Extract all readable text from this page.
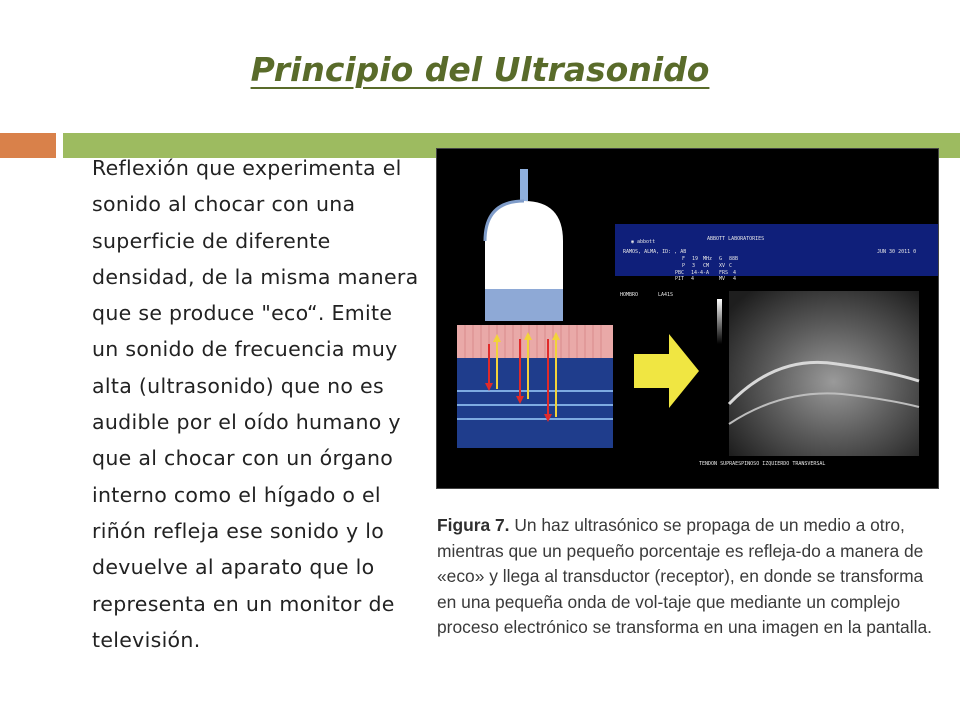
Principio del Ultrasonido
Reflexión que experimenta el sonido al chocar con una superficie de diferente densidad, de la misma manera que se produce "eco“. Emite un sonido de frecuencia muy alta (ultrasonido) que no es audible por el oído humano y que al chocar con un órgano interno como el hígado o el riñón refleja ese sonido y lo devuelve al aparato que lo representa en un monitor de televisión.
◉ abbott	ABBOTT LABORATORIES
RAMOS, ALMA, ID: , AB	JUN 30 2011 0
F 19 MHz G 88B
P 3 CM XV C
PBC 14-4-A FRS 4
PIT 4	MV 4
HOMBRO	LA41S
TENDON SUPRAESPINOSO IZQUIERDO TRANSVERSAL
Figura 7. Un haz ultrasónico se propaga de un medio a otro, mientras que un pequeño porcentaje es refleja-do a manera de «eco» y llega al transductor (receptor), en donde se transforma en una pequeña onda de vol-taje que mediante un complejo proceso electrónico se transforma en una imagen en la pantalla.
